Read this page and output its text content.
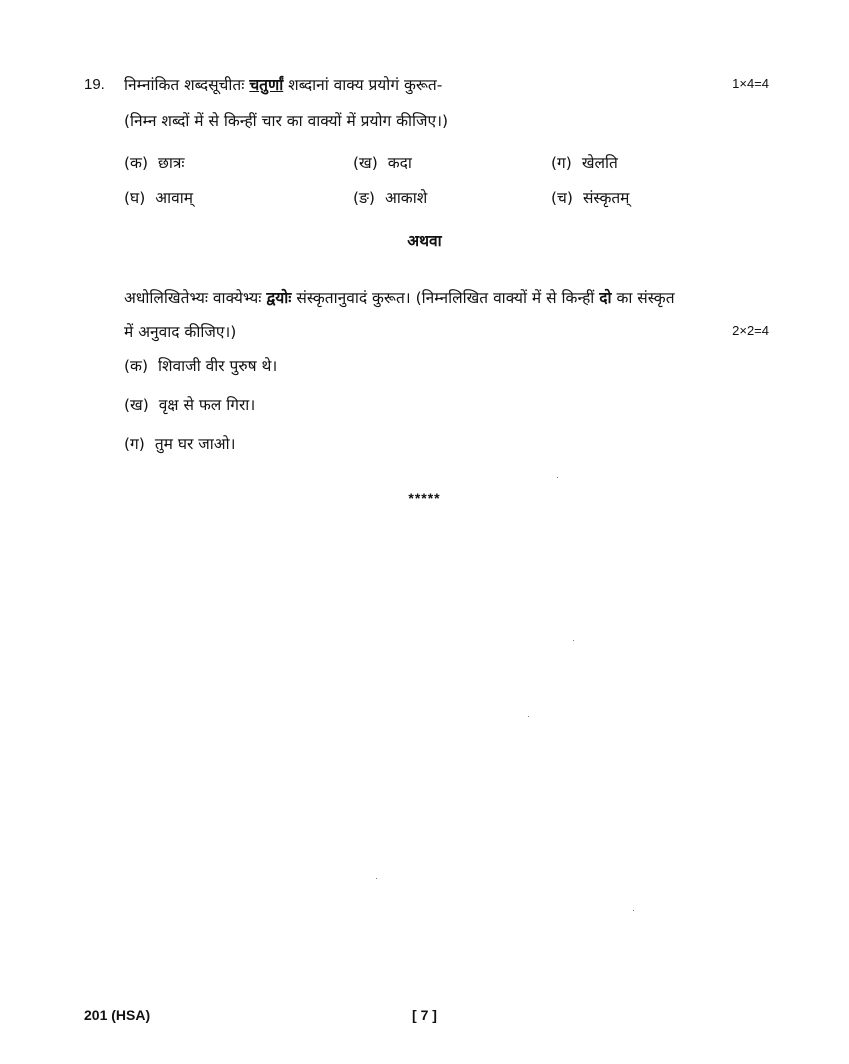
19. निम्नांकित शब्दसूचीतः चतुर्णां शब्दानां वाक्य प्रयोगं कुरूत-	1×4=4
(निम्न शब्दों में से किन्हीं चार का वाक्यों में प्रयोग कीजिए।)
(क) छात्रः	(ख) कदा	(ग) खेलति
(घ) आवाम्	(ङ) आकाशे	(च) संस्कृतम्
अथवा
अधोलिखितेभ्यः वाक्येभ्यः द्वयोः संस्कृतानुवादं कुरूत। (निम्नलिखित वाक्यों में से किन्हीं दो का संस्कृत
में अनुवाद कीजिए।)	2×2=4
(क) शिवाजी वीर पुरुष थे।
(ख) वृक्ष से फल गिरा।
(ग) तुम घर जाओ।
*****
201 (HSA)	[ 7 ]
